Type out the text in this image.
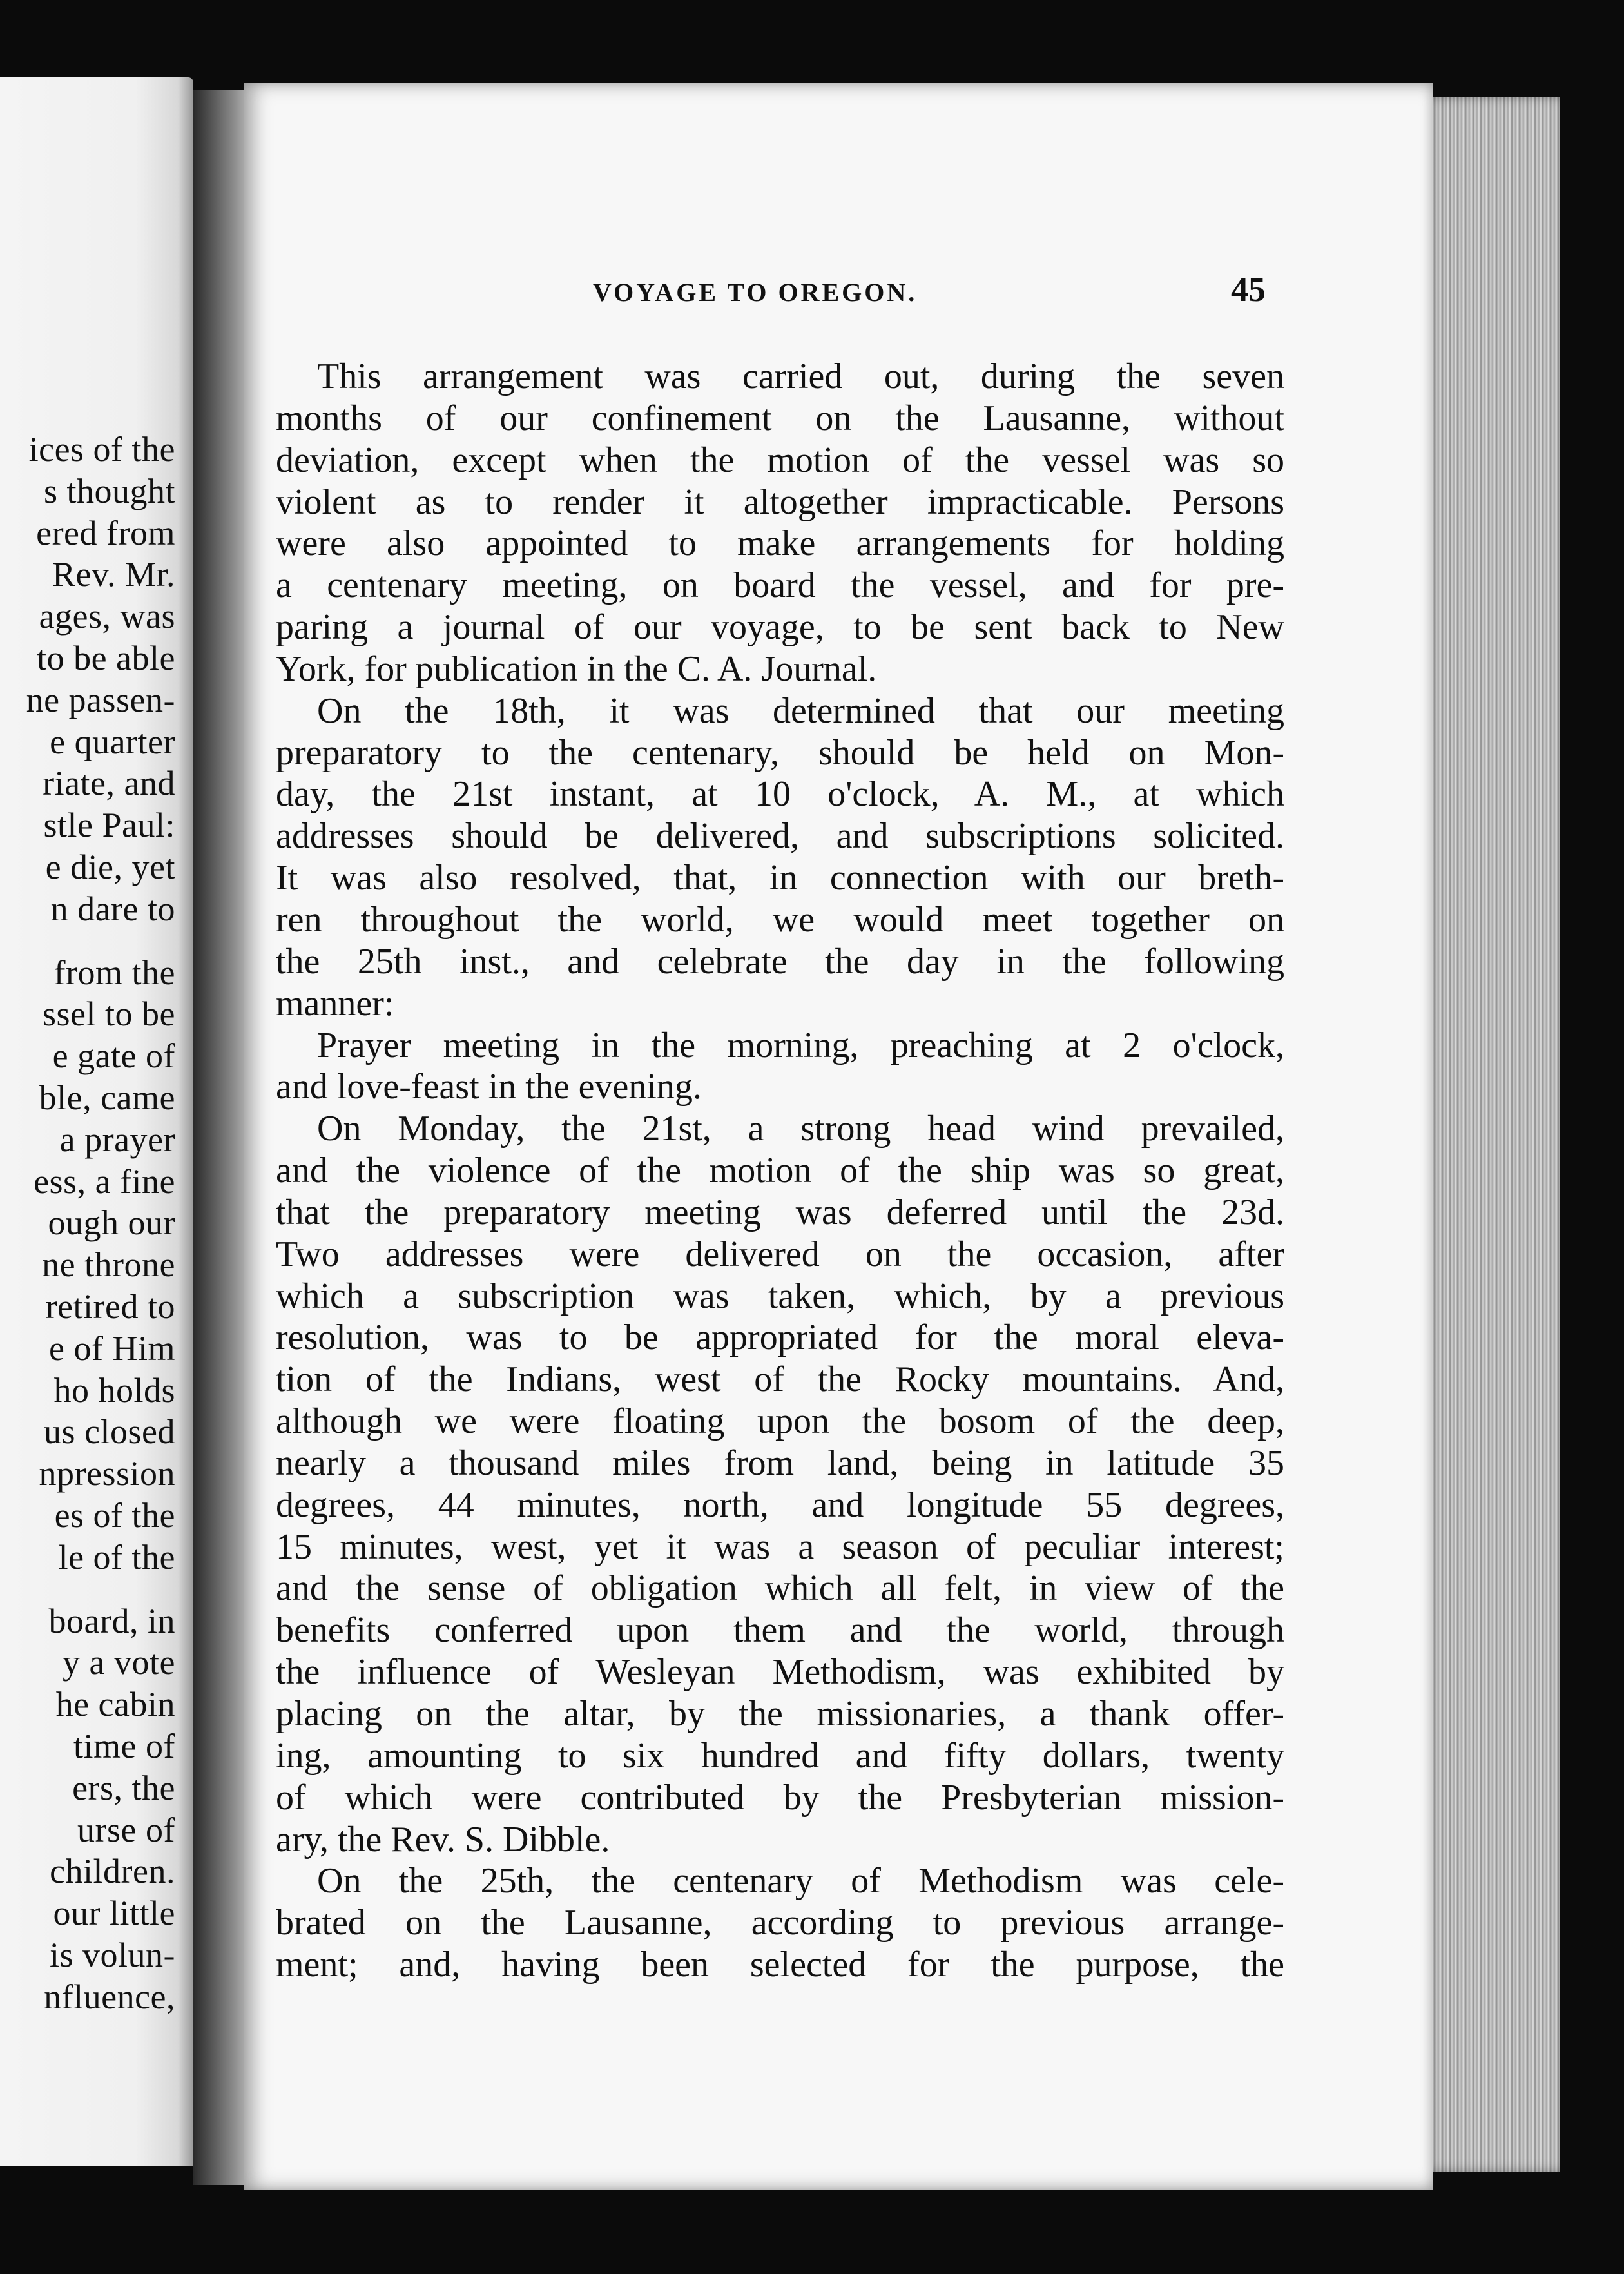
ices of the
s thought
ered from
Rev. Mr.
ages, was
to be able
ne passen-
e quarter
riate, and
stle Paul:
e die, yet
n dare to
from the
ssel to be
e gate of
ble, came
a prayer
ess, a fine
ough our
ne throne
retired to
e of Him
ho holds
us closed
npression
es of the
le of the
board, in
y a vote
he cabin
time of
ers, the
urse of
children.
our little
is volun-
nfluence,
VOYAGE TO OREGON.	45
This arrangement was carried out, during the seven
months of our confinement on the Lausanne, without
deviation, except when the motion of the vessel was so
violent as to render it altogether impracticable. Persons
were also appointed to make arrangements for holding
a centenary meeting, on board the vessel, and for pre-
paring a journal of our voyage, to be sent back to New
York, for publication in the C. A. Journal.
On the 18th, it was determined that our meeting
preparatory to the centenary, should be held on Mon-
day, the 21st instant, at 10 o'clock, A. M., at which
addresses should be delivered, and subscriptions solicited.
It was also resolved, that, in connection with our breth-
ren throughout the world, we would meet together on
the 25th inst., and celebrate the day in the following
manner:
Prayer meeting in the morning, preaching at 2 o'clock,
and love-feast in the evening.
On Monday, the 21st, a strong head wind prevailed,
and the violence of the motion of the ship was so great,
that the preparatory meeting was deferred until the 23d.
Two addresses were delivered on the occasion, after
which a subscription was taken, which, by a previous
resolution, was to be appropriated for the moral eleva-
tion of the Indians, west of the Rocky mountains. And,
although we were floating upon the bosom of the deep,
nearly a thousand miles from land, being in latitude 35
degrees, 44 minutes, north, and longitude 55 degrees,
15 minutes, west, yet it was a season of peculiar interest;
and the sense of obligation which all felt, in view of the
benefits conferred upon them and the world, through
the influence of Wesleyan Methodism, was exhibited by
placing on the altar, by the missionaries, a thank offer-
ing, amounting to six hundred and fifty dollars, twenty
of which were contributed by the Presbyterian mission-
ary, the Rev. S. Dibble.
On the 25th, the centenary of Methodism was cele-
brated on the Lausanne, according to previous arrange-
ment; and, having been selected for the purpose, the
